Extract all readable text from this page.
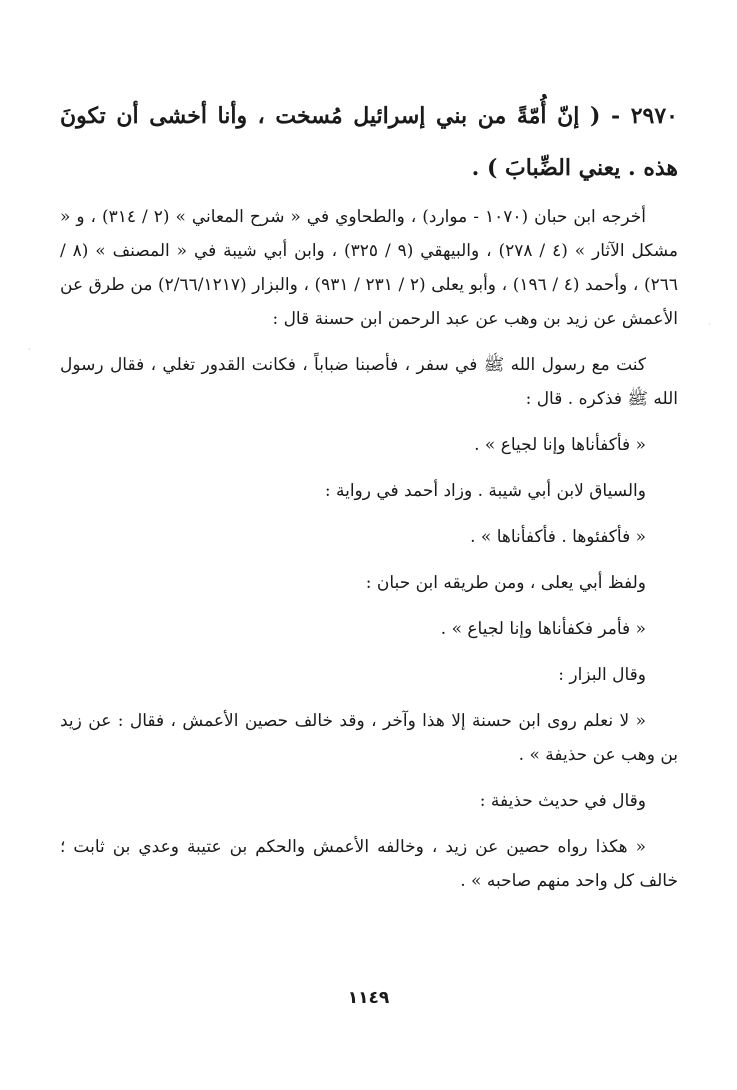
٢٩٧٠ - ( إنّ أُمّةً من بني إسرائيل مُسخت ، وأنا أخشى أن تكونَ هذه . يعني الضِّبابَ ) .

أخرجه ابن حبان (١٠٧٠ - موارد) ، والطحاوي في « شرح المعاني » (٢ / ٣١٤) ، و « مشكل الآثار » (٤ / ٢٧٨) ، والبيهقي (٩ / ٣٢٥) ، وابن أبي شيبة في « المصنف » (٨ / ٢٦٦) ، وأحمد (٤ / ١٩٦) ، وأبو يعلى (٢ / ٢٣١ / ٩٣١) ، والبزار (٢/٦٦/١٢١٧) من طرق عن الأعمش عن زيد بن وهب عن عبد الرحمن ابن حسنة قال :

كنت مع رسول الله ﷺ في سفر ، فأصبنا ضباباً ، فكانت القدور تغلي ، فقال رسول الله ﷺ فذكره . قال :

« فأكفأناها وإنا لجياع » .

والسياق لابن أبي شيبة . وزاد أحمد في رواية :

« فأكفئوها . فأكفأناها » .

ولفظ أبي يعلى ، ومن طريقه ابن حبان :

« فأمر فكفأناها وإنا لجياع » .

وقال البزار :

« لا نعلم روى ابن حسنة إلا هذا وآخر ، وقد خالف حصين الأعمش ، فقال : عن زيد بن وهب عن حذيفة » .

وقال في حديث حذيفة :

« هكذا رواه حصين عن زيد ، وخالفه الأعمش والحكم بن عتيبة وعدي بن ثابت ؛ خالف كل واحد منهم صاحبه » .

١١٤٩
·
·
